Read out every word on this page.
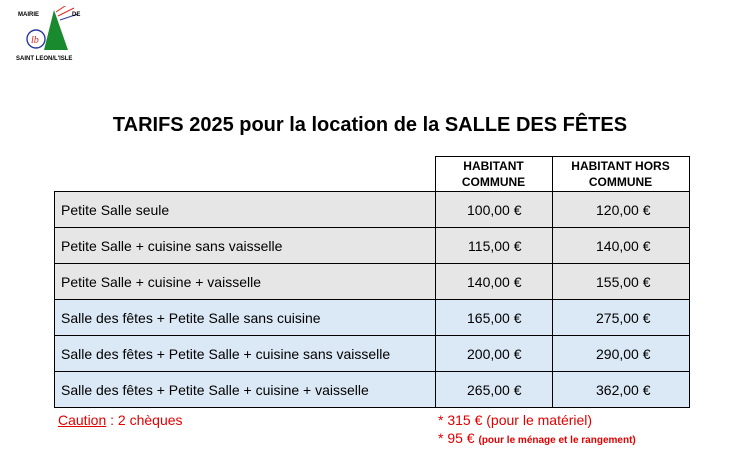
lb
MAIRIE	DE
SAINT LEON/L'ISLE
TARIFS 2025 pour la location de la SALLE DES FÊTES
	HABITANT COMMUNE	HABITANT HORS COMMUNE
Petite Salle seule	100,00 €	120,00 €
Petite Salle + cuisine sans vaisselle	115,00 €	140,00 €
Petite Salle + cuisine + vaisselle	140,00 €	155,00 €
Salle des fêtes + Petite Salle sans cuisine	165,00 €	275,00 €
Salle des fêtes + Petite Salle + cuisine sans vaisselle	200,00 €	290,00 €
Salle des fêtes + Petite Salle + cuisine + vaisselle	265,00 €	362,00 €
Caution : 2 chèques	* 315 € (pour le matériel)
* 95 € (pour le ménage et le rangement)
